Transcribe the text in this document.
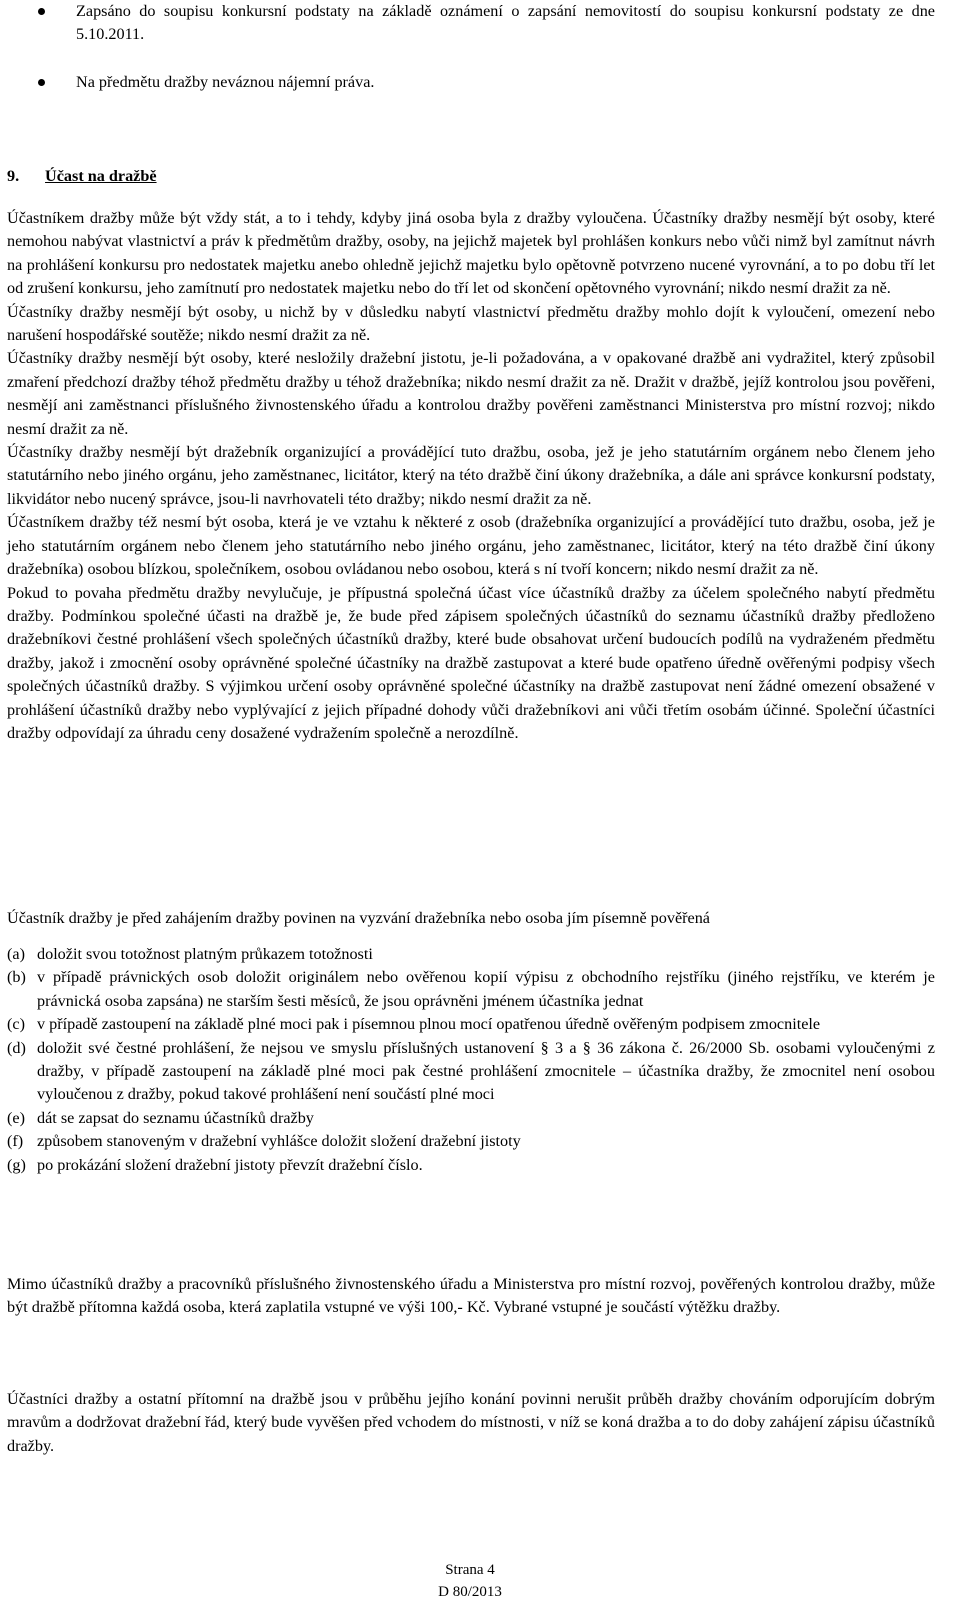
Zapsáno do soupisu konkursní podstaty na základě oznámení o zapsání nemovitostí do soupisu konkursní podstaty ze dne 5.10.2011.
Na předmětu dražby neváznou nájemní práva.
9. Účast na dražbě

Účastníkem dražby může být vždy stát, a to i tehdy, kdyby jiná osoba byla z dražby vyloučena. Účastníky dražby nesmějí být osoby, které nemohou nabývat vlastnictví a práv k předmětům dražby, osoby, na jejichž majetek byl prohlášen konkurs nebo vůči nimž byl zamítnut návrh na prohlášení konkursu pro nedostatek majetku anebo ohledně jejichž majetku bylo opětovně potvrzeno nucené vyrovnání, a to po dobu tří let od zrušení konkursu, jeho zamítnutí pro nedostatek majetku nebo do tří let od skončení opětovného vyrovnání; nikdo nesmí dražit za ně.

Účastníky dražby nesmějí být osoby, u nichž by v důsledku nabytí vlastnictví předmětu dražby mohlo dojít k vyloučení, omezení nebo narušení hospodářské soutěže; nikdo nesmí dražit za ně.

Účastníky dražby nesmějí být osoby, které nesložily dražební jistotu, je-li požadována, a v opakované dražbě ani vydražitel, který způsobil zmaření předchozí dražby téhož předmětu dražby u téhož dražebníka; nikdo nesmí dražit za ně. Dražit v dražbě, jejíž kontrolou jsou pověřeni, nesmějí ani zaměstnanci příslušného živnostenského úřadu a kontrolou dražby pověřeni zaměstnanci Ministerstva pro místní rozvoj; nikdo nesmí dražit za ně.

Účastníky dražby nesmějí být dražebník organizující a provádějící tuto dražbu, osoba, jež je jeho statutárním orgánem nebo členem jeho statutárního nebo jiného orgánu, jeho zaměstnanec, licitátor, který na této dražbě činí úkony dražebníka, a dále ani správce konkursní podstaty, likvidátor nebo nucený správce, jsou-li navrhovateli této dražby; nikdo nesmí dražit za ně.

Účastníkem dražby též nesmí být osoba, která je ve vztahu k některé z osob (dražebníka organizující a provádějící tuto dražbu, osoba, jež je jeho statutárním orgánem nebo členem jeho statutárního nebo jiného orgánu, jeho zaměstnanec, licitátor, který na této dražbě činí úkony dražebníka) osobou blízkou, společníkem, osobou ovládanou nebo osobou, která s ní tvoří koncern; nikdo nesmí dražit za ně.

Pokud to povaha předmětu dražby nevylučuje, je přípustná společná účast více účastníků dražby za účelem společného nabytí předmětu dražby. Podmínkou společné účasti na dražbě je, že bude před zápisem společných účastníků do seznamu účastníků dražby předloženo dražebníkovi čestné prohlášení všech společných účastníků dražby, které bude obsahovat určení budoucích podílů na vydraženém předmětu dražby, jakož i zmocnění osoby oprávněné společné účastníky na dražbě zastupovat a které bude opatřeno úředně ověřenými podpisy všech společných účastníků dražby. S výjimkou určení osoby oprávněné společné účastníky na dražbě zastupovat není žádné omezení obsažené v prohlášení účastníků dražby nebo vyplývající z jejich případné dohody vůči dražebníkovi ani vůči třetím osobám účinné. Společní účastníci dražby odpovídají za úhradu ceny dosažené vydražením společně a nerozdílně.

Účastník dražby je před zahájením dražby povinen na vyzvání dražebníka nebo osoba jím písemně pověřená

(a) doložit svou totožnost platným průkazem totožnosti
(b) v případě právnických osob doložit originálem nebo ověřenou kopií výpisu z obchodního rejstříku (jiného rejstříku, ve kterém je právnická osoba zapsána) ne starším šesti měsíců, že jsou oprávněni jménem účastníka jednat
(c) v případě zastoupení na základě plné moci pak i písemnou plnou mocí opatřenou úředně ověřeným podpisem zmocnitele
(d) doložit své čestné prohlášení, že nejsou ve smyslu příslušných ustanovení § 3 a § 36 zákona č. 26/2000 Sb. osobami vyloučenými z dražby, v případě zastoupení na základě plné moci pak čestné prohlášení zmocnitele – účastníka dražby, že zmocnitel není osobou vyloučenou z dražby, pokud takové prohlášení není součástí plné moci
(e) dát se zapsat do seznamu účastníků dražby
(f) způsobem stanoveným v dražební vyhlášce doložit složení dražební jistoty
(g) po prokázání složení dražební jistoty převzít dražební číslo.

Mimo účastníků dražby a pracovníků příslušného živnostenského úřadu a Ministerstva pro místní rozvoj, pověřených kontrolou dražby, může být dražbě přítomna každá osoba, která zaplatila vstupné ve výši 100,- Kč. Vybrané vstupné je součástí výtěžku dražby.

Účastníci dražby a ostatní přítomní na dražbě jsou v průběhu jejího konání povinni nerušit průběh dražby chováním odporujícím dobrým mravům a dodržovat dražební řád, který bude vyvěšen před vchodem do místnosti, v níž se koná dražba a to do doby zahájení zápisu účastníků dražby.

Strana 4
D 80/2013
